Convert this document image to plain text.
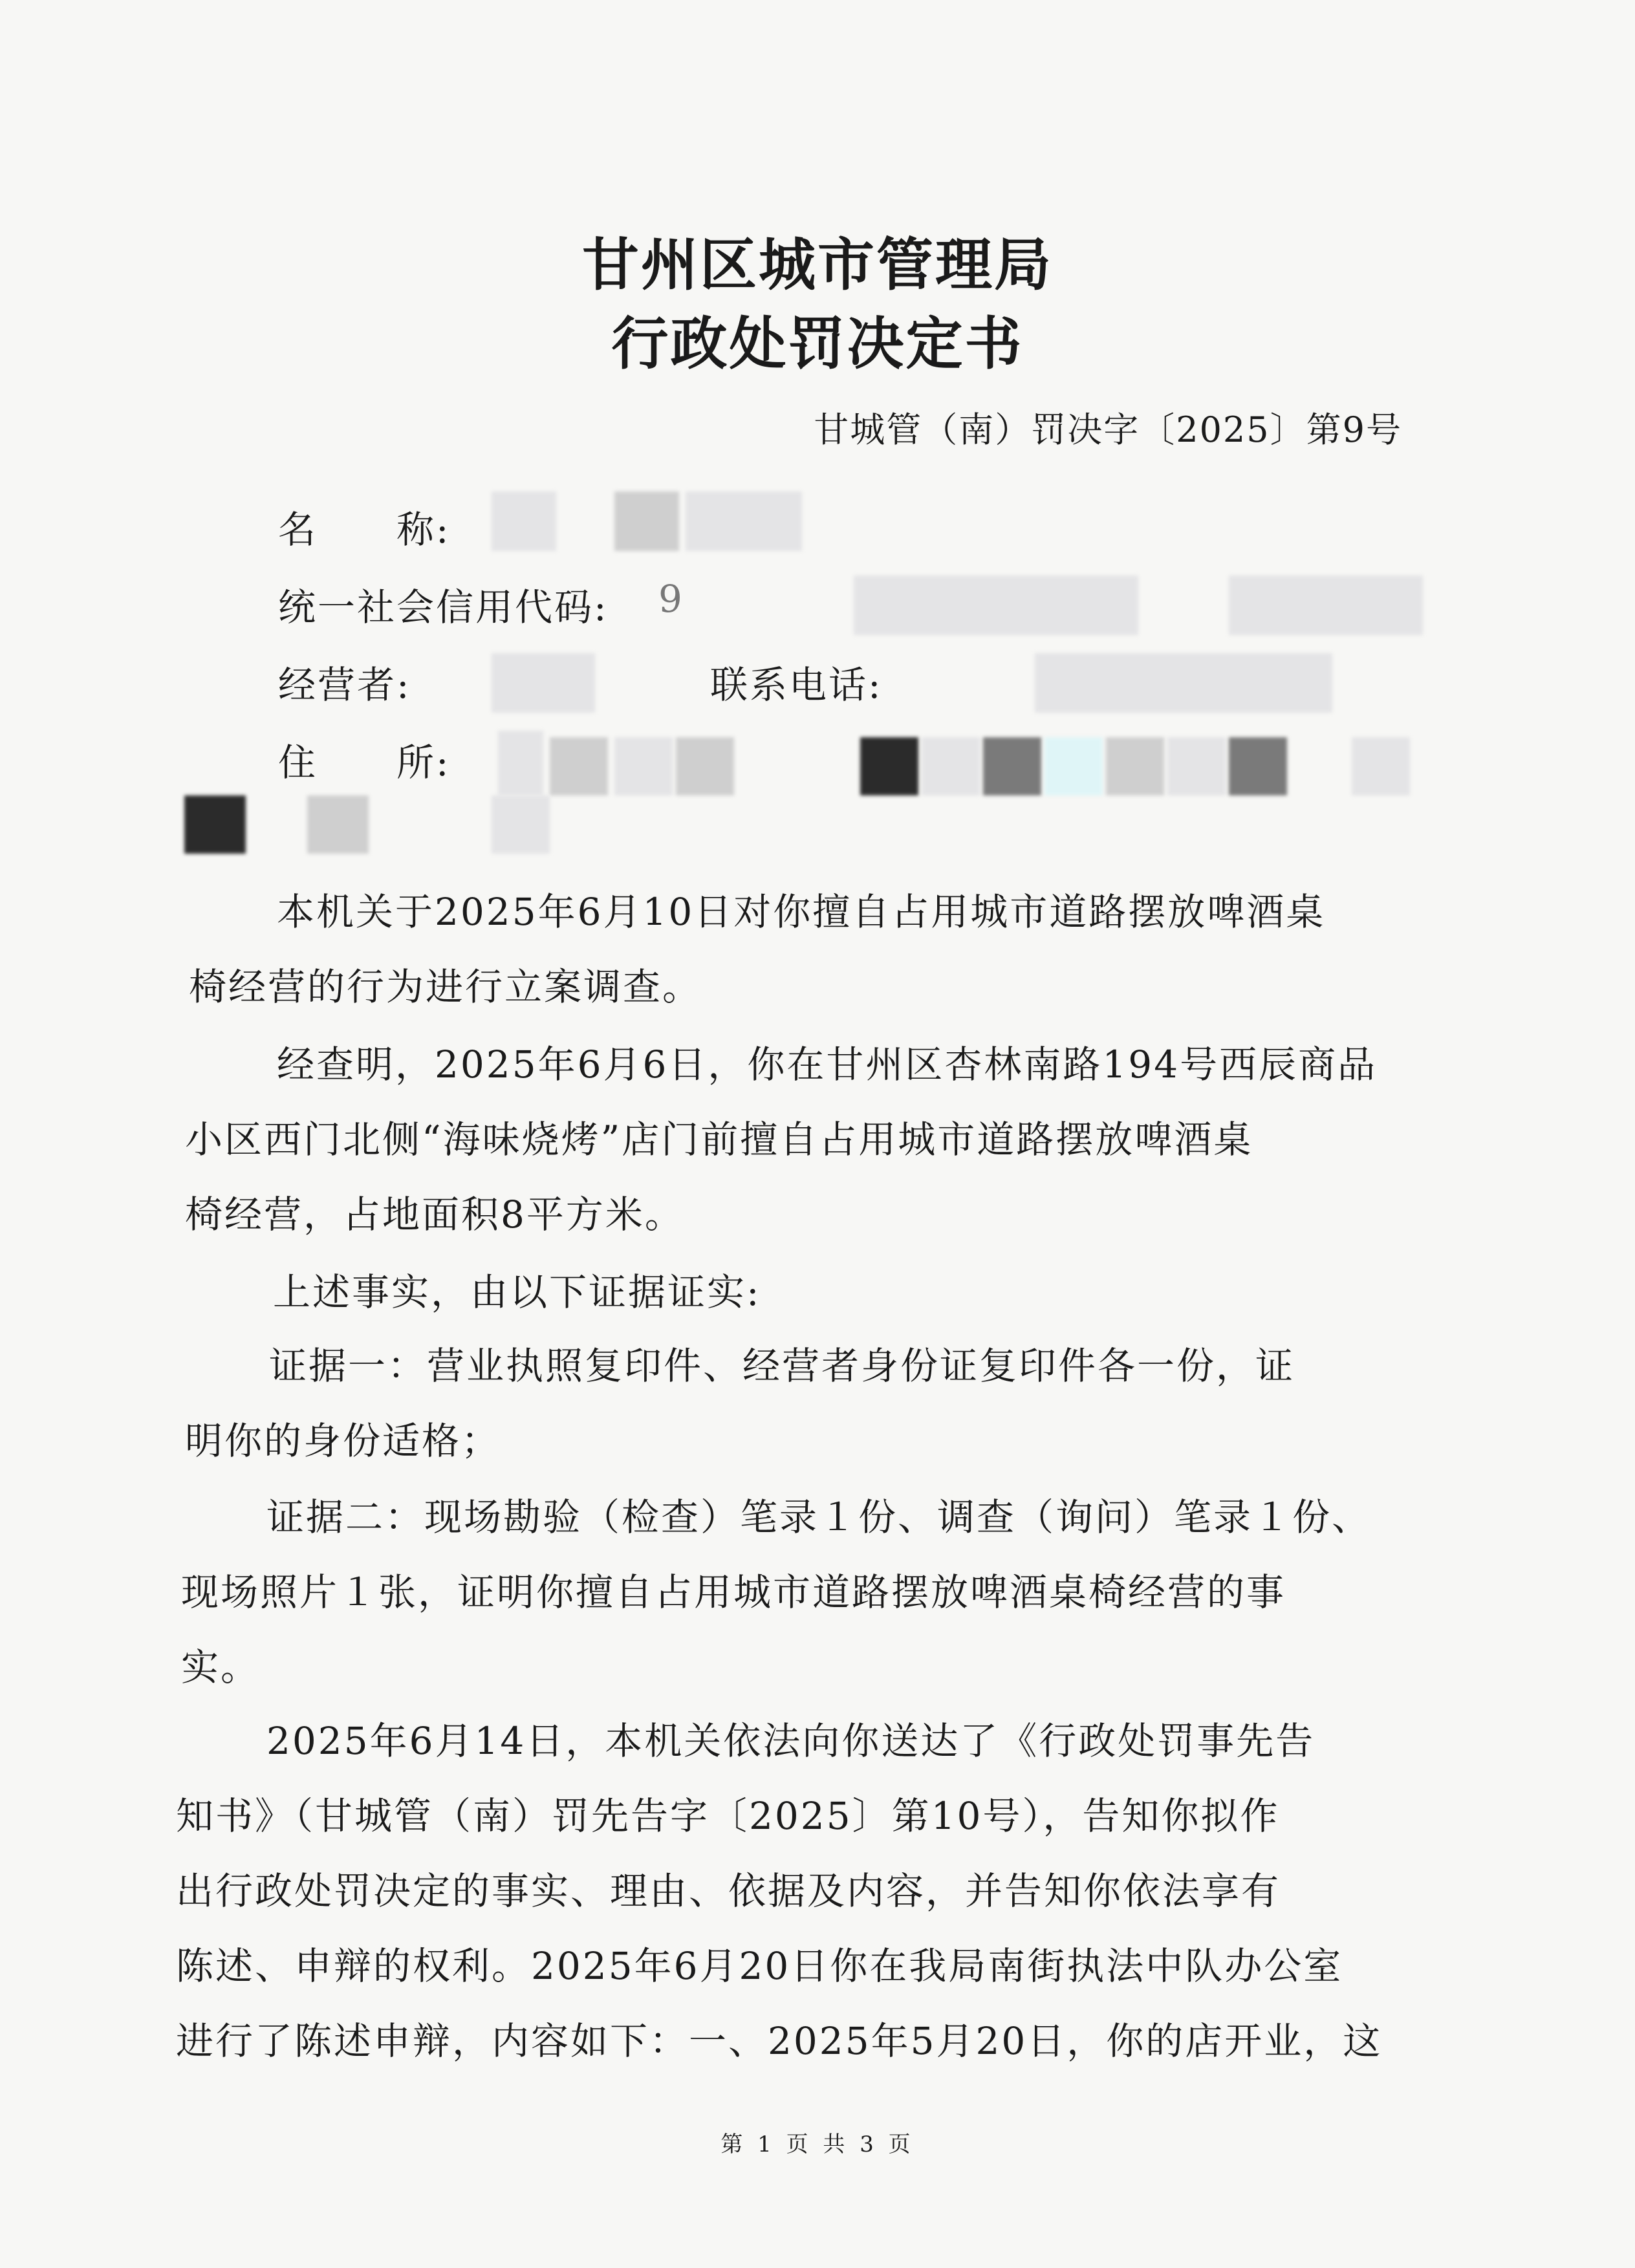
甘州区城市管理局
行政处罚决定书
甘城管（南）罚决字〔2025〕第9号
名　　称:
统一社会信用代码: 9
经营者:	联系电话:
住　　所:
本机关于2025年6月10日对你擅自占用城市道路摆放啤酒桌
椅经营的行为进行立案调查。
经查明，2025年6月6日，你在甘州区杏林南路194号西辰商品
小区西门北侧“海味烧烤”店门前擅自占用城市道路摆放啤酒桌
椅经营，占地面积8平方米。
上述事实，由以下证据证实:
证据一：营业执照复印件、经营者身份证复印件各一份，证
明你的身份适格；
证据二：现场勘验（检查）笔录１份、调查（询问）笔录１份、
现场照片１张，证明你擅自占用城市道路摆放啤酒桌椅经营的事
实。
2025年6月14日，本机关依法向你送达了《行政处罚事先告
知书》（甘城管（南）罚先告字〔2025〕第10号），告知你拟作
出行政处罚决定的事实、理由、依据及内容，并告知你依法享有
陈述、申辩的权利。2025年6月20日你在我局南街执法中队办公室
进行了陈述申辩，内容如下：一、2025年5月20日，你的店开业，这
第 1 页 共 3 页
